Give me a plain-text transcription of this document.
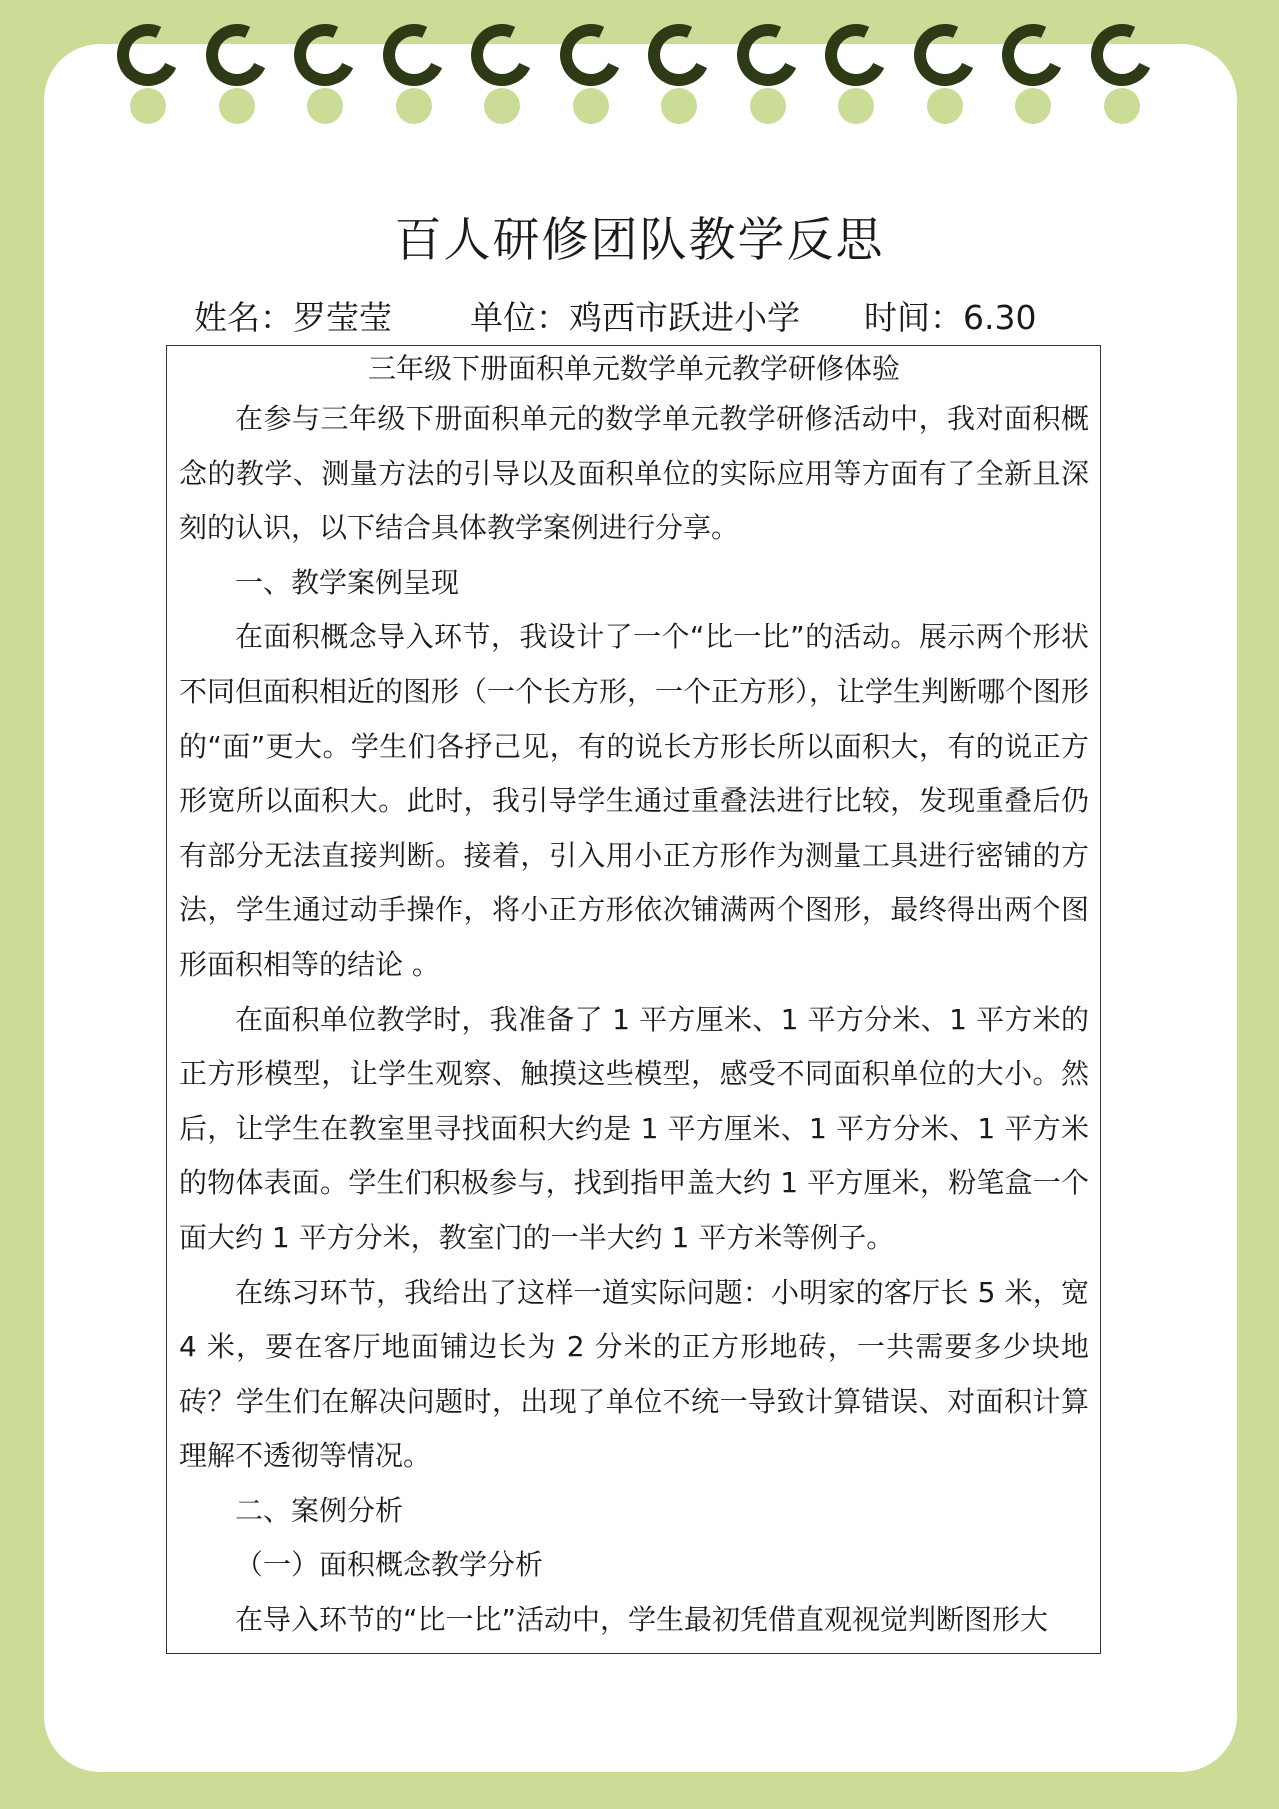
百人研修团队教学反思
姓名：罗莹莹 单位：鸡西市跃进小学 时间：6.30
三年级下册面积单元数学单元教学研修体验

在参与三年级下册面积单元的数学单元教学研修活动中，我对面积概念的教学、测量方法的引导以及面积单位的实际应用等方面有了全新且深刻的认识，以下结合具体教学案例进行分享。

一、教学案例呈现

在面积概念导入环节，我设计了一个“比一比”的活动。展示两个形状不同但面积相近的图形（一个长方形，一个正方形），让学生判断哪个图形的“面”更大。学生们各抒己见，有的说长方形长所以面积大，有的说正方形宽所以面积大。此时，我引导学生通过重叠法进行比较，发现重叠后仍有部分无法直接判断。接着，引入用小正方形作为测量工具进行密铺的方法，学生通过动手操作，将小正方形依次铺满两个图形，最终得出两个图形面积相等的结论 。

在面积单位教学时，我准备了 1 平方厘米、1 平方分米、1 平方米的正方形模型，让学生观察、触摸这些模型，感受不同面积单位的大小。然后，让学生在教室里寻找面积大约是 1 平方厘米、1 平方分米、1 平方米的物体表面。学生们积极参与，找到指甲盖大约 1 平方厘米，粉笔盒一个面大约 1 平方分米，教室门的一半大约 1 平方米等例子。

在练习环节，我给出了这样一道实际问题：小明家的客厅长 5 米，宽 4 米，要在客厅地面铺边长为 2 分米的正方形地砖，一共需要多少块地砖？学生们在解决问题时，出现了单位不统一导致计算错误、对面积计算理解不透彻等情况。

二、案例分析

（一）面积概念教学分析

在导入环节的“比一比”活动中，学生最初凭借直观视觉判断图形大
